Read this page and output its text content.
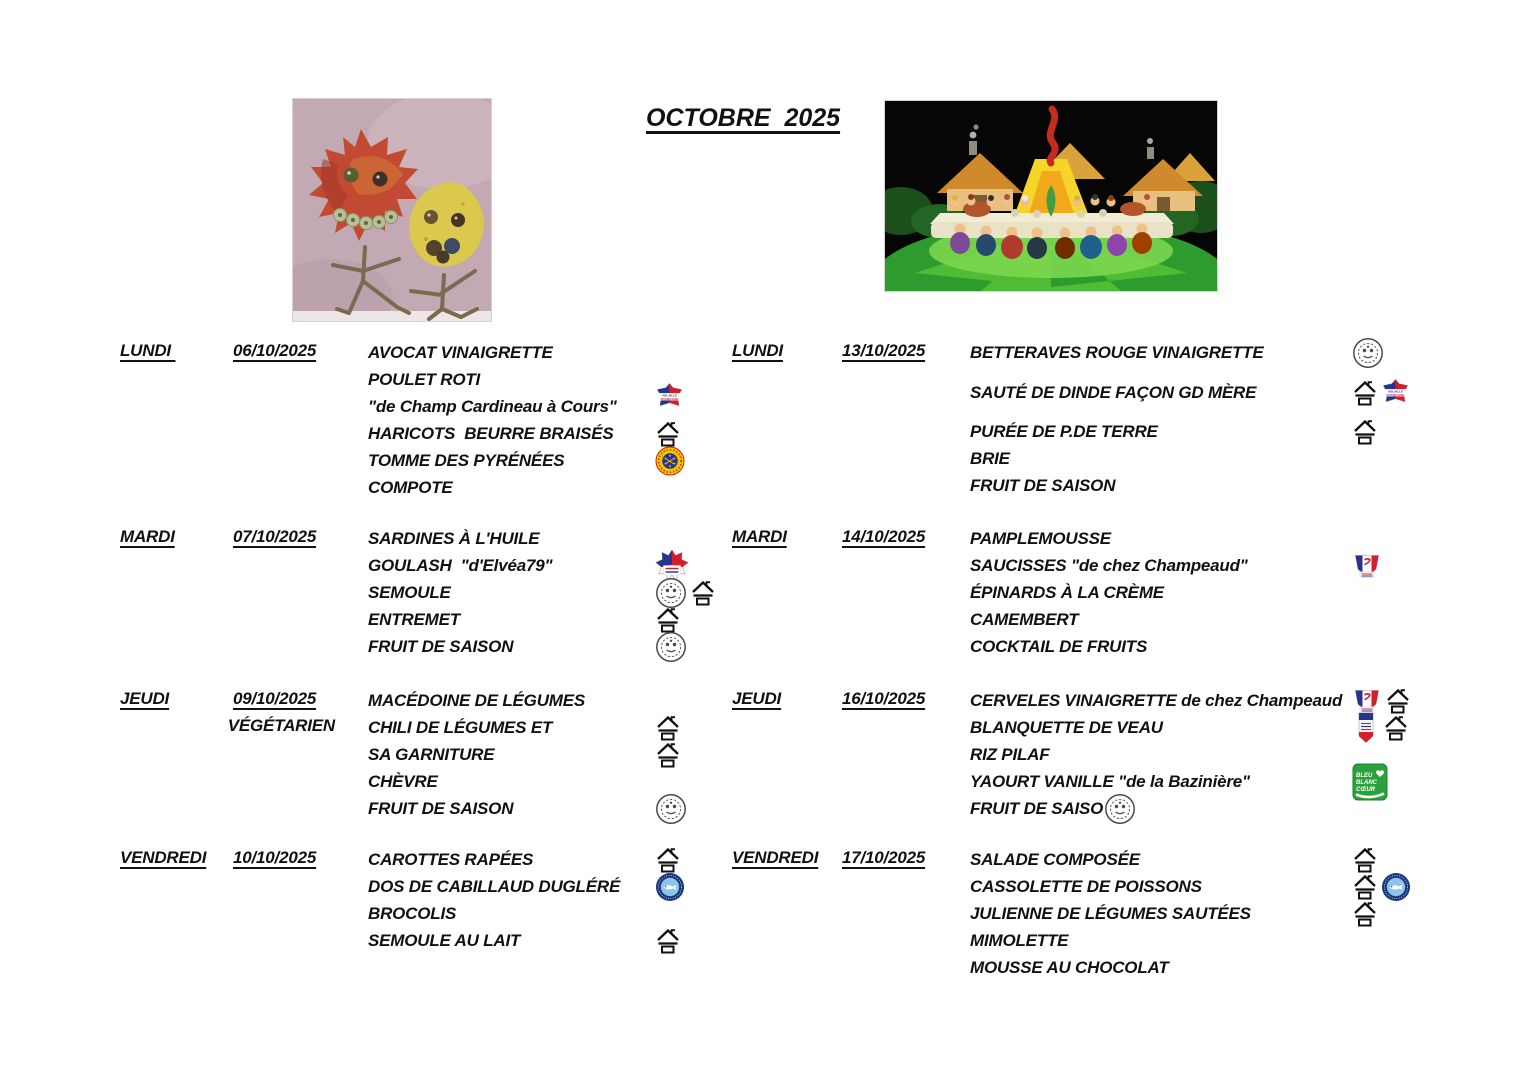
OCTOBRE  2025
LUNDI	06/10/2025	AVOCAT VINAIGRETTE
POULET ROTI
"de Champ Cardineau à Cours"
VOLAILLE
FRANÇAISE
HARICOTS  BEURRE BRAISÉS
TOMME DES PYRÉNÉES
COMPOTE
MARDI	07/10/2025	SARDINES À L'HUILE
GOULASH  "d'Elvéa79"
SEMOULE
ENTREMET
FRUIT DE SAISON
JEUDI	09/10/2025
VÉGÉTARIEN
MACÉDOINE DE LÉGUMES
CHILI DE LÉGUMES ET
SA GARNITURE
CHÈVRE
FRUIT DE SAISON
VENDREDI 10/10/2025	CAROTTES RAPÉES
DOS DE CABILLAUD DUGLÉRÉ
BROCOLIS
SEMOULE AU LAIT
LUNDI	13/10/2025	BETTERAVES ROUGE VINAIGRETTE
SAUTÉ DE DINDE FAÇON GD MÈRE	VOLAILLE
FRANÇAISE
PURÉE DE P.DE TERRE
BRIE
FRUIT DE SAISON
MARDI	14/10/2025	PAMPLEMOUSSE
SAUCISSES "de chez Champeaud"
ÉPINARDS À LA CRÈME
CAMEMBERT
COCKTAIL DE FRUITS
JEUDI	16/10/2025	CERVELES VINAIGRETTE de chez Champeaud
BLANQUETTE DE VEAU
RIZ PILAF
YAOURT VANILLE "de la Bazinière"	BLEU
BLANC
CŒUR
FRUIT DE SAISO
VENDREDI 17/10/2025	SALADE COMPOSÉE
CASSOLETTE DE POISSONS
JULIENNE DE LÉGUMES SAUTÉES
MIMOLETTE
MOUSSE AU CHOCOLAT
